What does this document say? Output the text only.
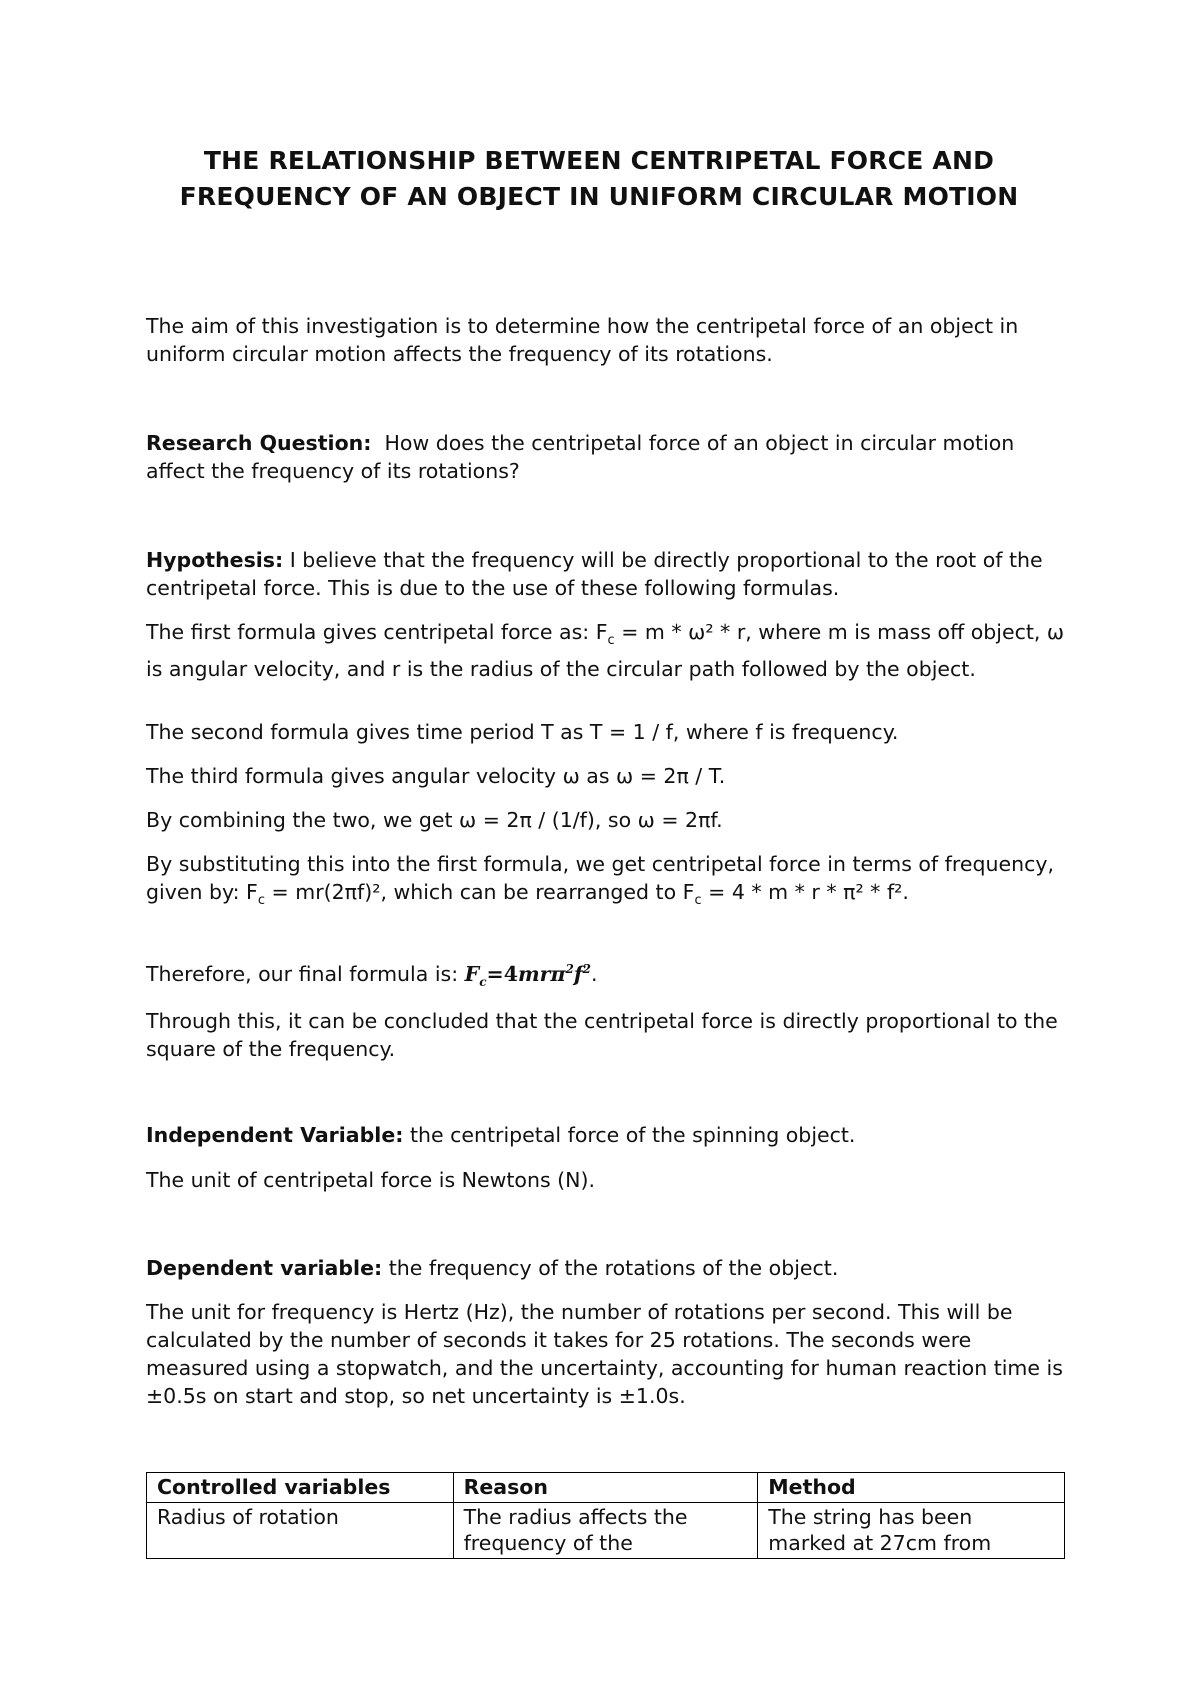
THE RELATIONSHIP BETWEEN CENTRIPETAL FORCE AND FREQUENCY OF AN OBJECT IN UNIFORM CIRCULAR MOTION

The aim of this investigation is to determine how the centripetal force of an object in uniform circular motion affects the frequency of its rotations.

Research Question: How does the centripetal force of an object in circular motion affect the frequency of its rotations?

Hypothesis: I believe that the frequency will be directly proportional to the root of the centripetal force. This is due to the use of these following formulas.

The first formula gives centripetal force as: $F_c = m * \omega^2 * r$, where m is mass off object, ω is angular velocity, and r is the radius of the circular path followed by the object.

The second formula gives time period T as T = 1 / f, where f is frequency.

The third formula gives angular velocity ω as ω = 2π / T.

By combining the two, we get ω = 2π / (1/f), so ω = 2πf.

By substituting this into the first formula, we get centripetal force in terms of frequency, given by: $F_c = mr(2\pi f)^2$, which can be rearranged to $F_c = 4 * m * r * \pi^2 * f^2$.

Therefore, our final formula is: $F_c=4mr\pi^2f^2$.

Through this, it can be concluded that the centripetal force is directly proportional to the square of the frequency.

Independent Variable: the centripetal force of the spinning object.

The unit of centripetal force is Newtons (N).

Dependent variable: the frequency of the rotations of the object.

The unit for frequency is Hertz (Hz), the number of rotations per second. This will be calculated by the number of seconds it takes for 25 rotations. The seconds were measured using a stopwatch, and the uncertainty, accounting for human reaction time is ±0.5s on start and stop, so net uncertainty is ±1.0s.

Controlled variables	Reason	Method
Radius of rotation	The radius affects the frequency of the	The string has been marked at 27cm from
